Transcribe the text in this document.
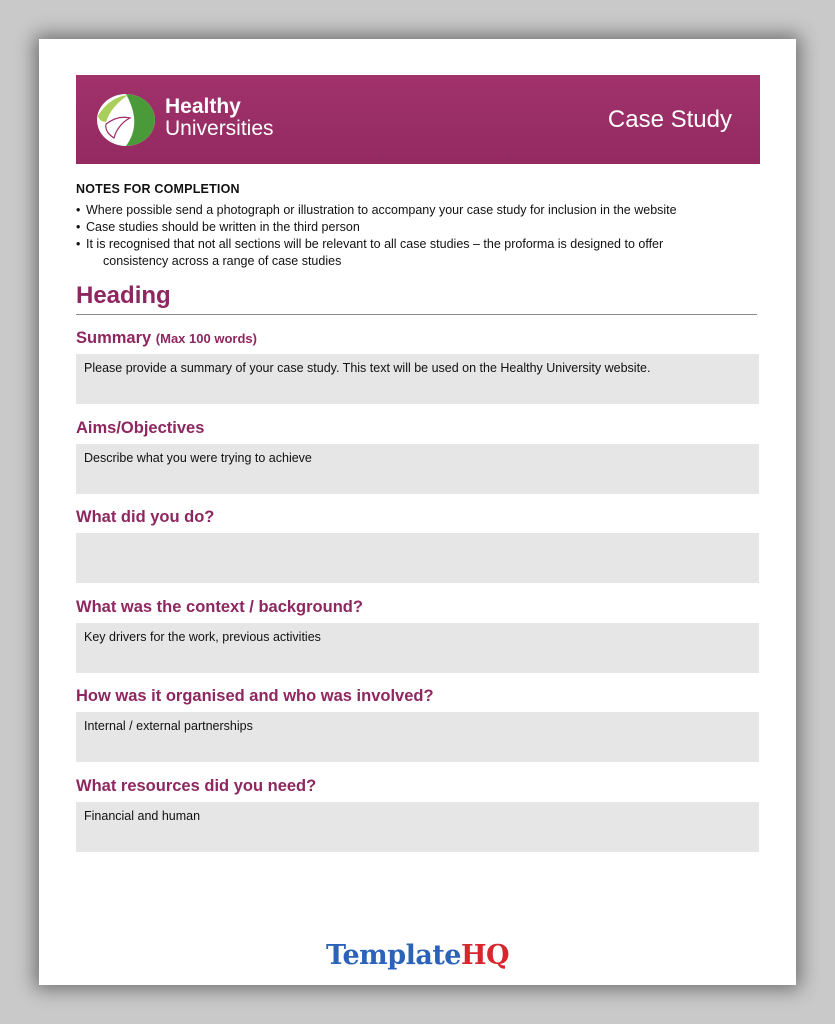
Healthy
Universities	Case Study
NOTES FOR COMPLETION
• Where possible send a photograph or illustration to accompany your case study for inclusion in the website
• Case studies should be written in the third person
• It is recognised that not all sections will be relevant to all case studies – the proforma is designed to offer
consistency across a range of case studies
Heading
Summary (Max 100 words)
Please provide a summary of your case study. This text will be used on the Healthy University website.
Aims/Objectives
Describe what you were trying to achieve
What did you do?
What was the context / background?
Key drivers for the work, previous activities
How was it organised and who was involved?
Internal / external partnerships
What resources did you need?
Financial and human
TemplateHQ
